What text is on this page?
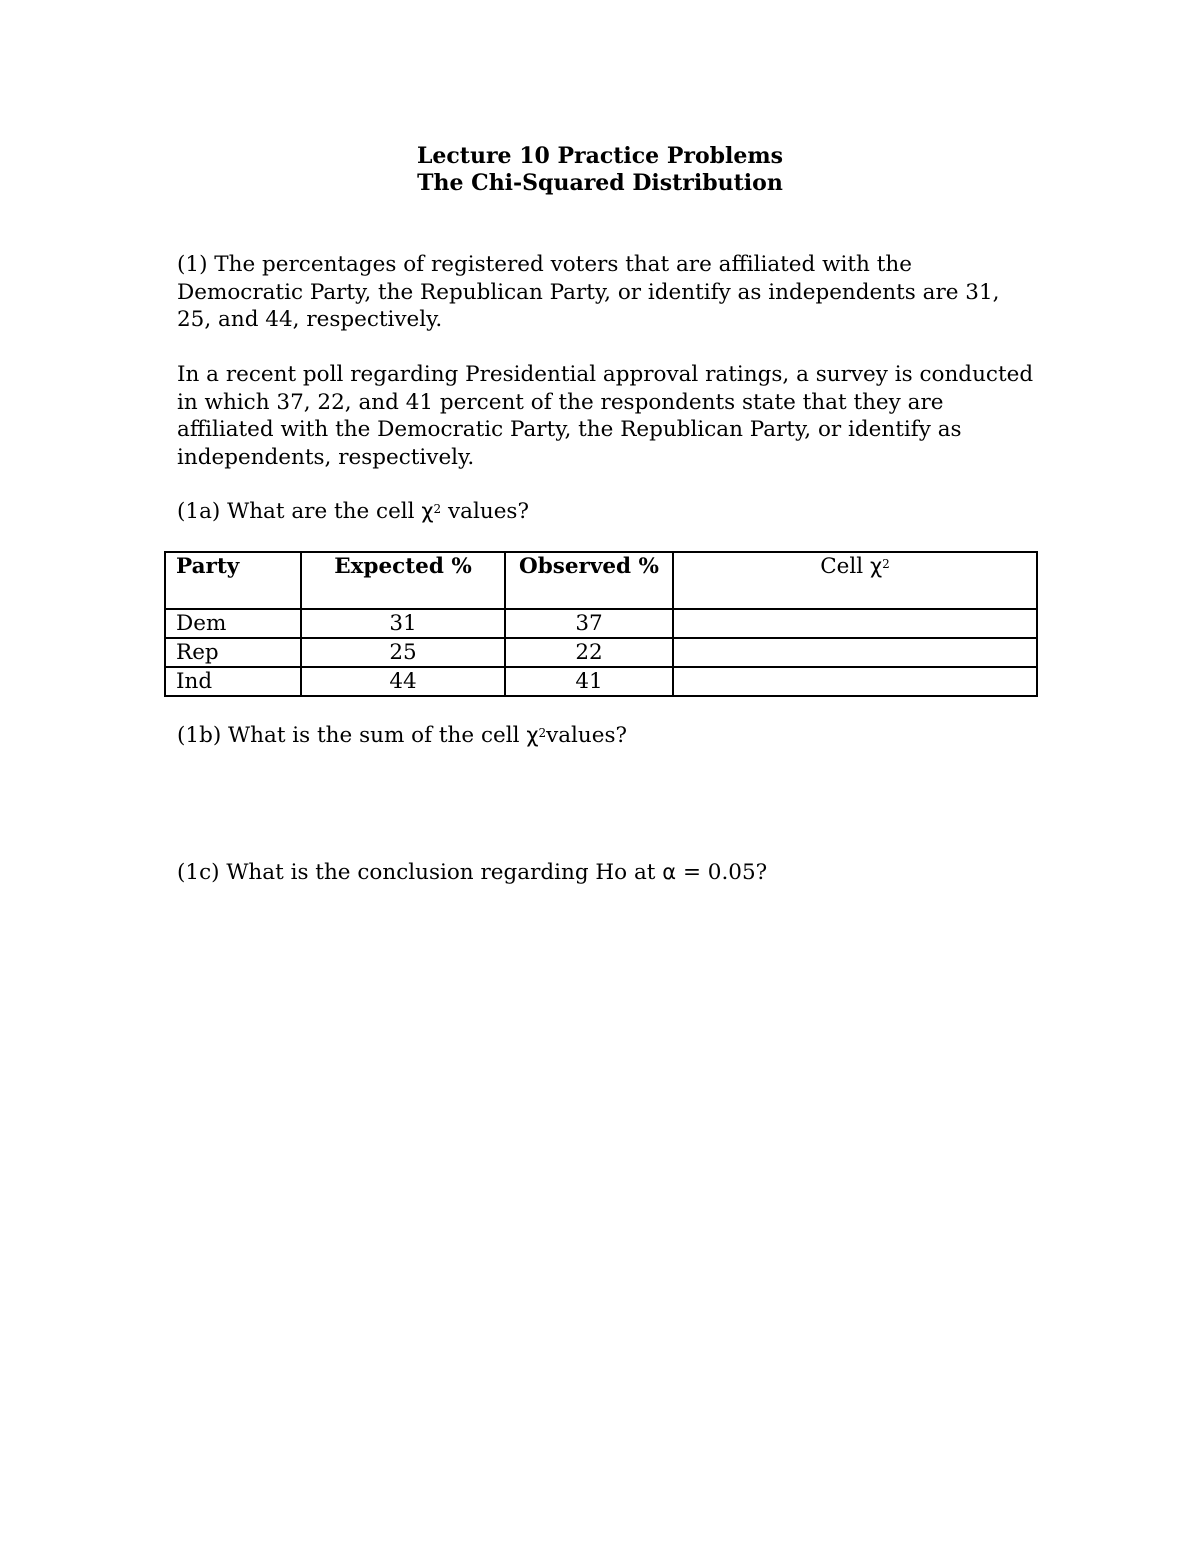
Lecture 10 Practice Problems
The Chi-Squared Distribution

(1) The percentages of registered voters that are affiliated with the Democratic Party, the Republican Party, or identify as independents are 31, 25, and 44, respectively.

In a recent poll regarding Presidential approval ratings, a survey is conducted in which 37, 22, and 41 percent of the respondents state that they are affiliated with the Democratic Party, the Republican Party, or identify as independents, respectively.

(1a) What are the cell $\chi^2$ values?

Party	Expected %	Observed %	Cell $\chi^2$
Dem	31	37	
Rep	25	22	
Ind	44	41	

(1b) What is the sum of the cell $\chi^2values$?

(1c) What is the conclusion regarding Ho at α = 0.05?
